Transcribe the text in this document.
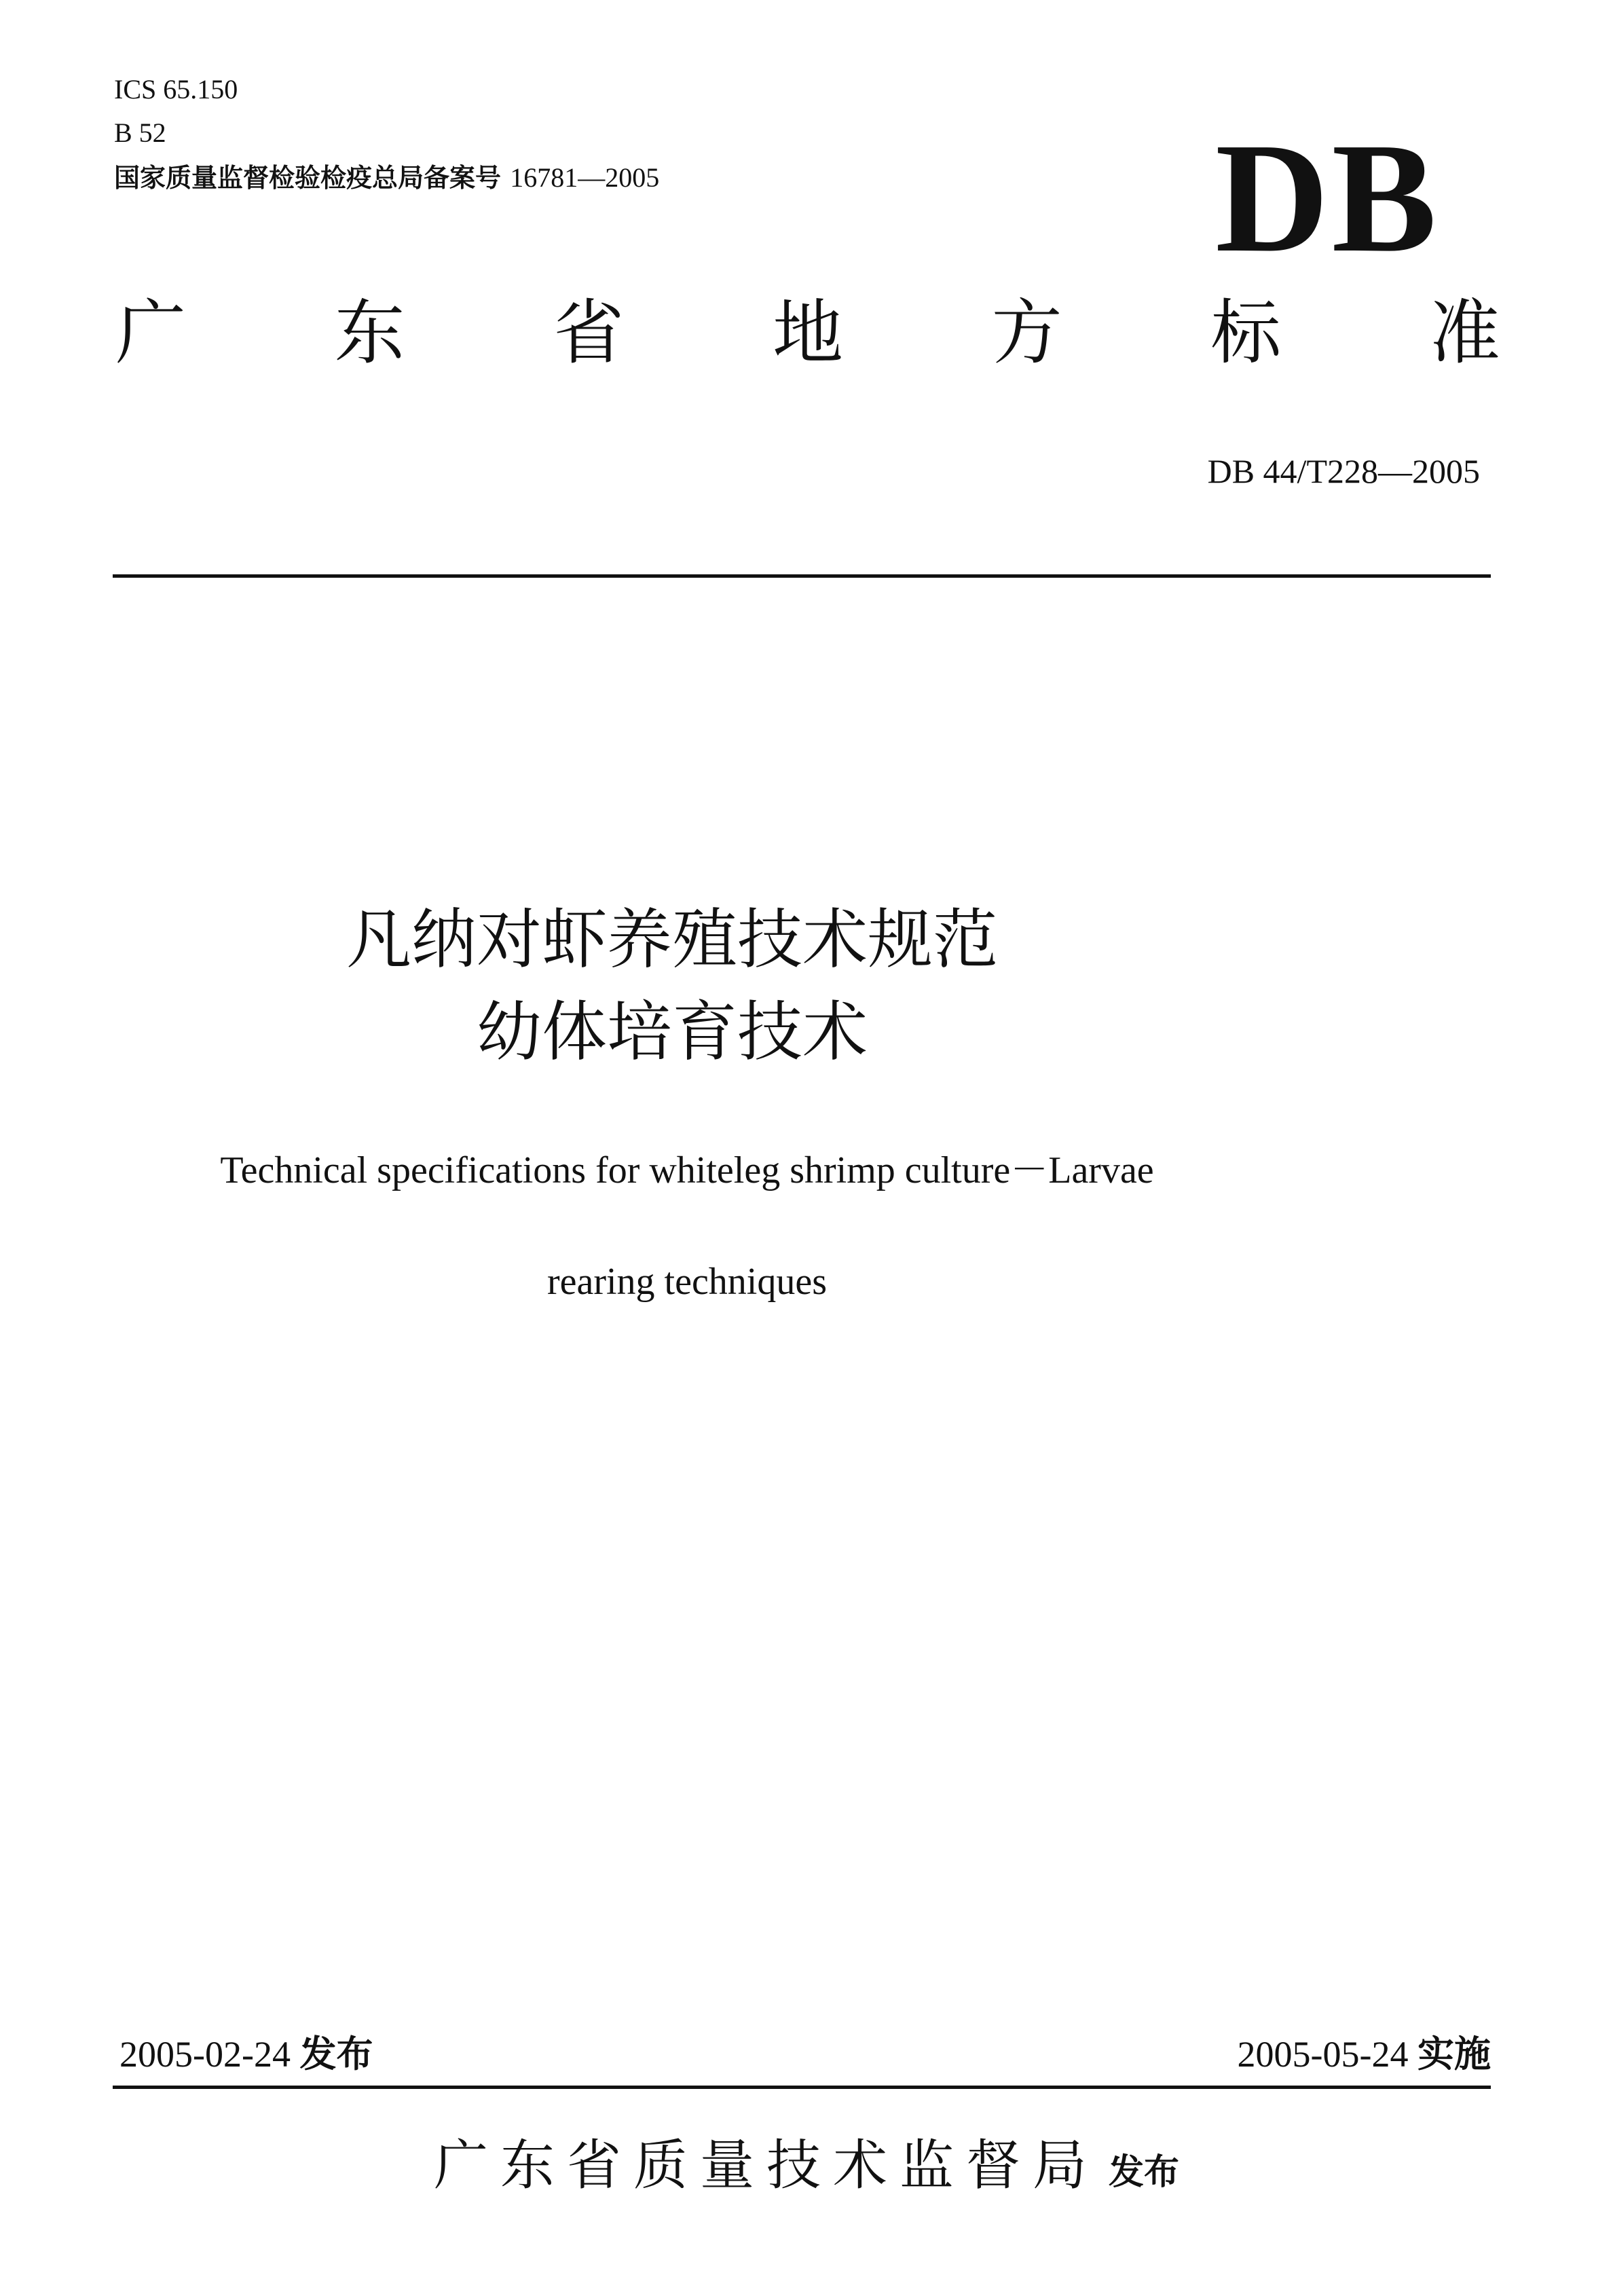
ICS 65.150
B 52
国家质量监督检验检疫总局备案号 16781—2005	DB
广 东 省 地 方 标 准
DB 44/T228—2005
凡纳对虾养殖技术规范
幼体培育技术
Technical specifications for whiteleg shrimp culture－Larvae
rearing techniques
2005-02-24 发布	2005-05-24 实施
广东省质量技术监督局 发布
